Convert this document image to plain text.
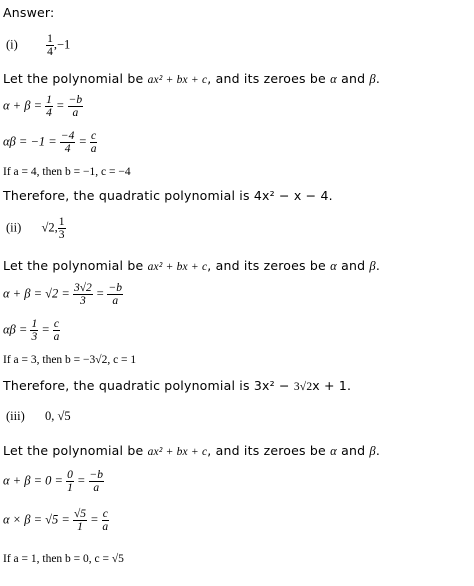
Answer:
$(i) \frac{1}{4} ,-1$
Let the polynomial be ax² + bx + c, and its zeroes be α and β.
$\alpha + \beta = \frac{1}{4} = \frac{-b}{a}$
$\alpha\beta = -1 = \frac{-4}{4} = \frac{c}{a}$
If a = 4, then b = −1, c = −4
Therefore, the quadratic polynomial is 4x² − x − 4.
(ii) √2, $\frac{1}{3}$
Let the polynomial be ax² + bx + c, and its zeroes be α and β.
$\alpha + \beta = √2 = \frac{3√2}{3} = \frac{-b}{a}$
$\alpha\beta = \frac{1}{3} = \frac{c}{a}$
If a = 3, then b = −3√2, c = 1
Therefore, the quadratic polynomial is 3x² − 3√2x + 1.
(iii) 0, √5
Let the polynomial be ax² + bx + c, and its zeroes be α and β.
$\alpha + \beta = 0 = \frac{0}{1} = \frac{-b}{a}$
$\alpha \times \beta = √5 = \frac{√5}{1} = \frac{c}{a}$
If a = 1, then b = 0, c = √5
